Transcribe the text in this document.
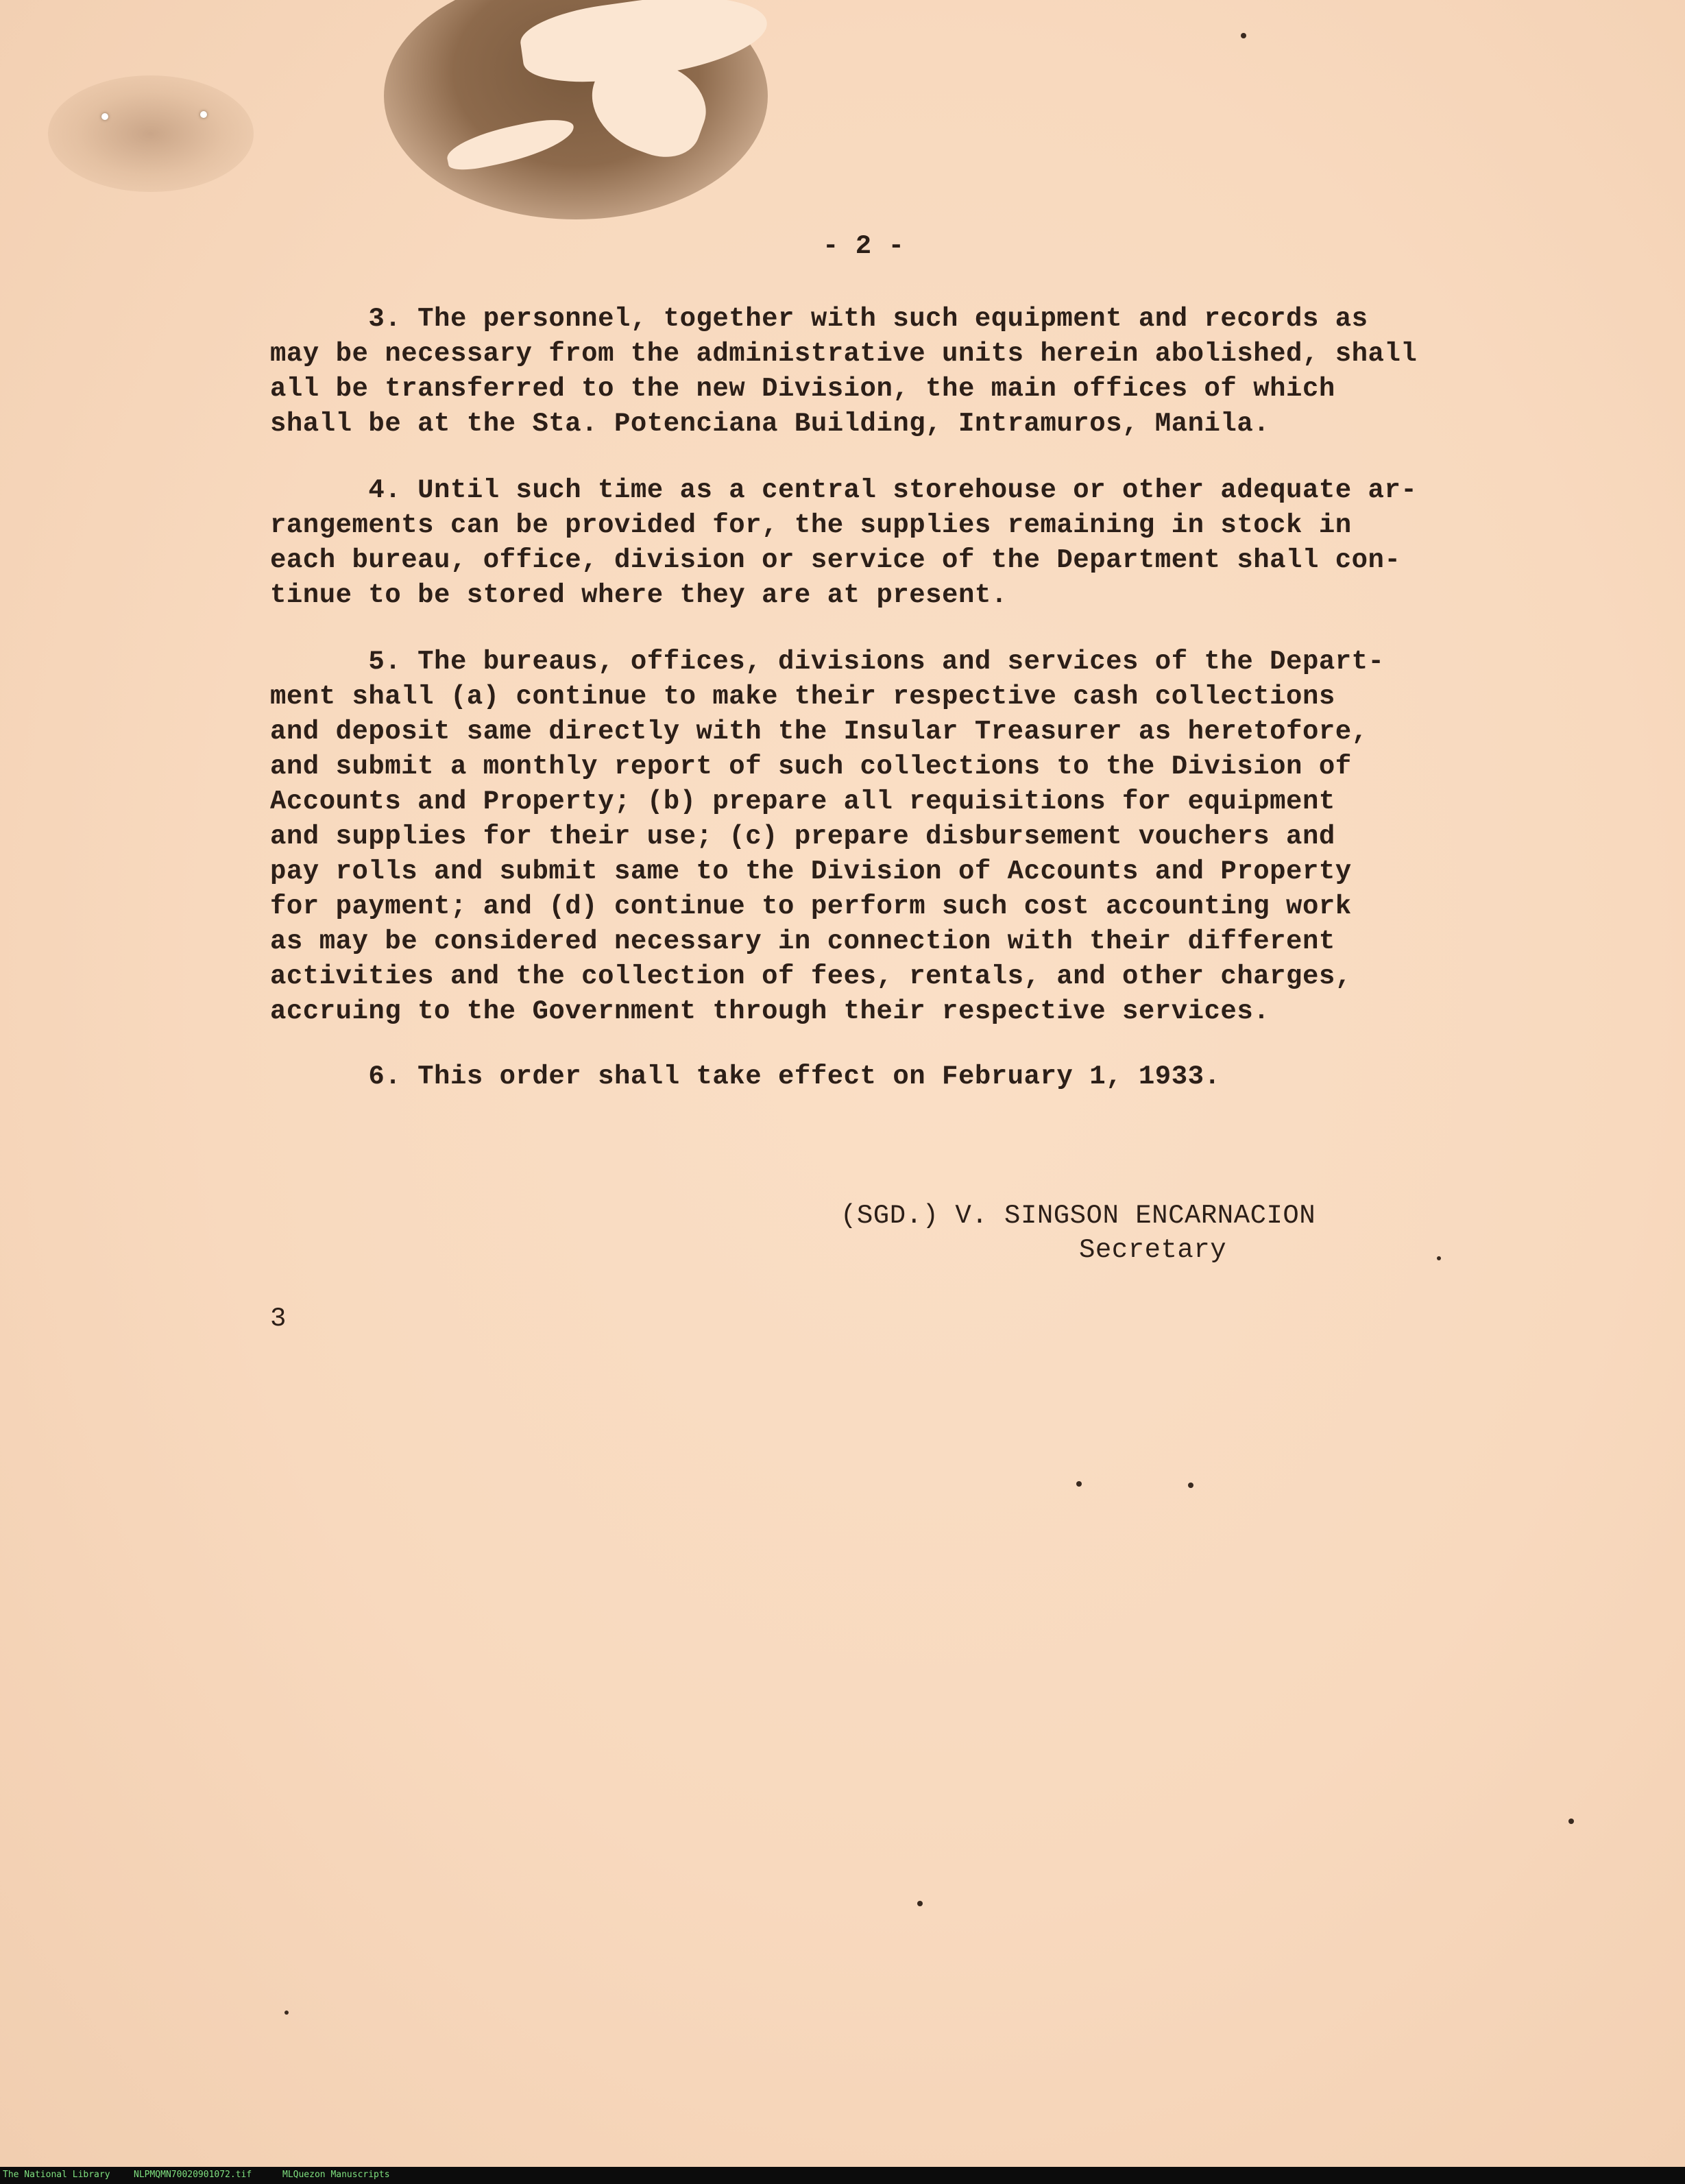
- 2 -
3. The personnel, together with such equipment and records as
may be necessary from the administrative units herein abolished, shall
all be transferred to the new Division, the main offices of which
shall be at the Sta. Potenciana Building, Intramuros, Manila.
4. Until such time as a central storehouse or other adequate ar-
rangements can be provided for, the supplies remaining in stock in
each bureau, office, division or service of the Department shall con-
tinue to be stored where they are at present.
5. The bureaus, offices, divisions and services of the Depart-
ment shall (a) continue to make their respective cash collections
and deposit same directly with the Insular Treasurer as heretofore,
and submit a monthly report of such collections to the Division of
Accounts and Property; (b) prepare all requisitions for equipment
and supplies for their use; (c) prepare disbursement vouchers and
pay rolls and submit same to the Division of Accounts and Property
for payment; and (d) continue to perform such cost accounting work
as may be considered necessary in connection with their different
activities and the collection of fees, rentals, and other charges,
accruing to the Government through their respective services.
6. This order shall take effect on February 1, 1933.
(SGD.) V. SINGSON ENCARNACION
Secretary
3
The National Library	NLPMQMN70020901072.tif	MLQuezon Manuscripts
